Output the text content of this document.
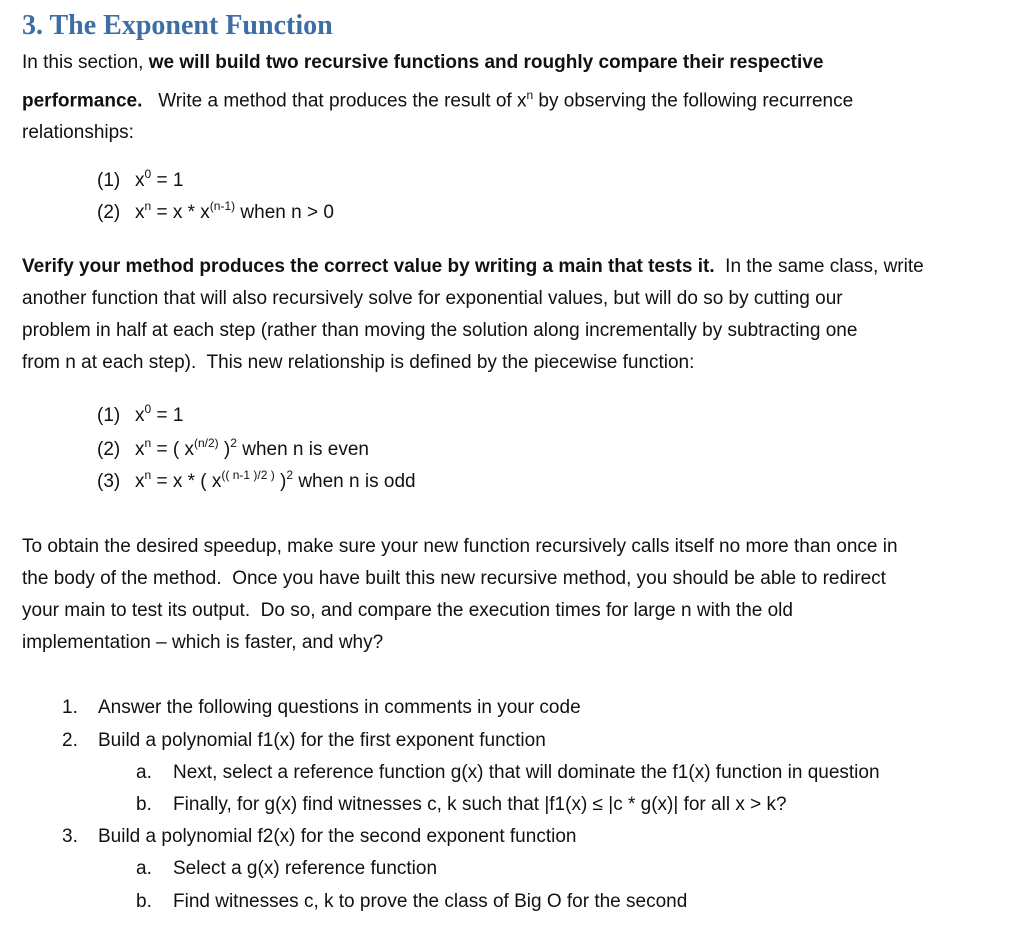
3. The Exponent Function
In this section, we will build two recursive functions and roughly compare their respective
performance.   Write a method that produces the result of $x^n$ by observing the following recurrence
relationships:
(1) $x^0 = 1$
(2) $x^n = x * x^{(n-1)}$ when n > 0
Verify your method produces the correct value by writing a main that tests it.  In the same class, write
another function that will also recursively solve for exponential values, but will do so by cutting our
problem in half at each step (rather than moving the solution along incrementally by subtracting one
from n at each step).  This new relationship is defined by the piecewise function:
(1) $x^0 = 1$
(2) $x^n$ = ( $x^{(n/2)}$ )$^2$ when n is even
(3) $x^n = x$ * ( $x^{(( n-1 )/2 )}$ )$^2$ when n is odd
To obtain the desired speedup, make sure your new function recursively calls itself no more than once in
the body of the method.  Once you have built this new recursive method, you should be able to redirect
your main to test its output.  Do so, and compare the execution times for large n with the old
implementation – which is faster, and why?
1. Answer the following questions in comments in your code
2. Build a polynomial f1(x) for the first exponent function
a. Next, select a reference function g(x) that will dominate the f1(x) function in question
b. Finally, for g(x) find witnesses c, k such that |f1(x) ≤ |c * g(x)| for all x > k?
3. Build a polynomial f2(x) for the second exponent function
a. Select a g(x) reference function
b. Find witnesses c, k to prove the class of Big O for the second
